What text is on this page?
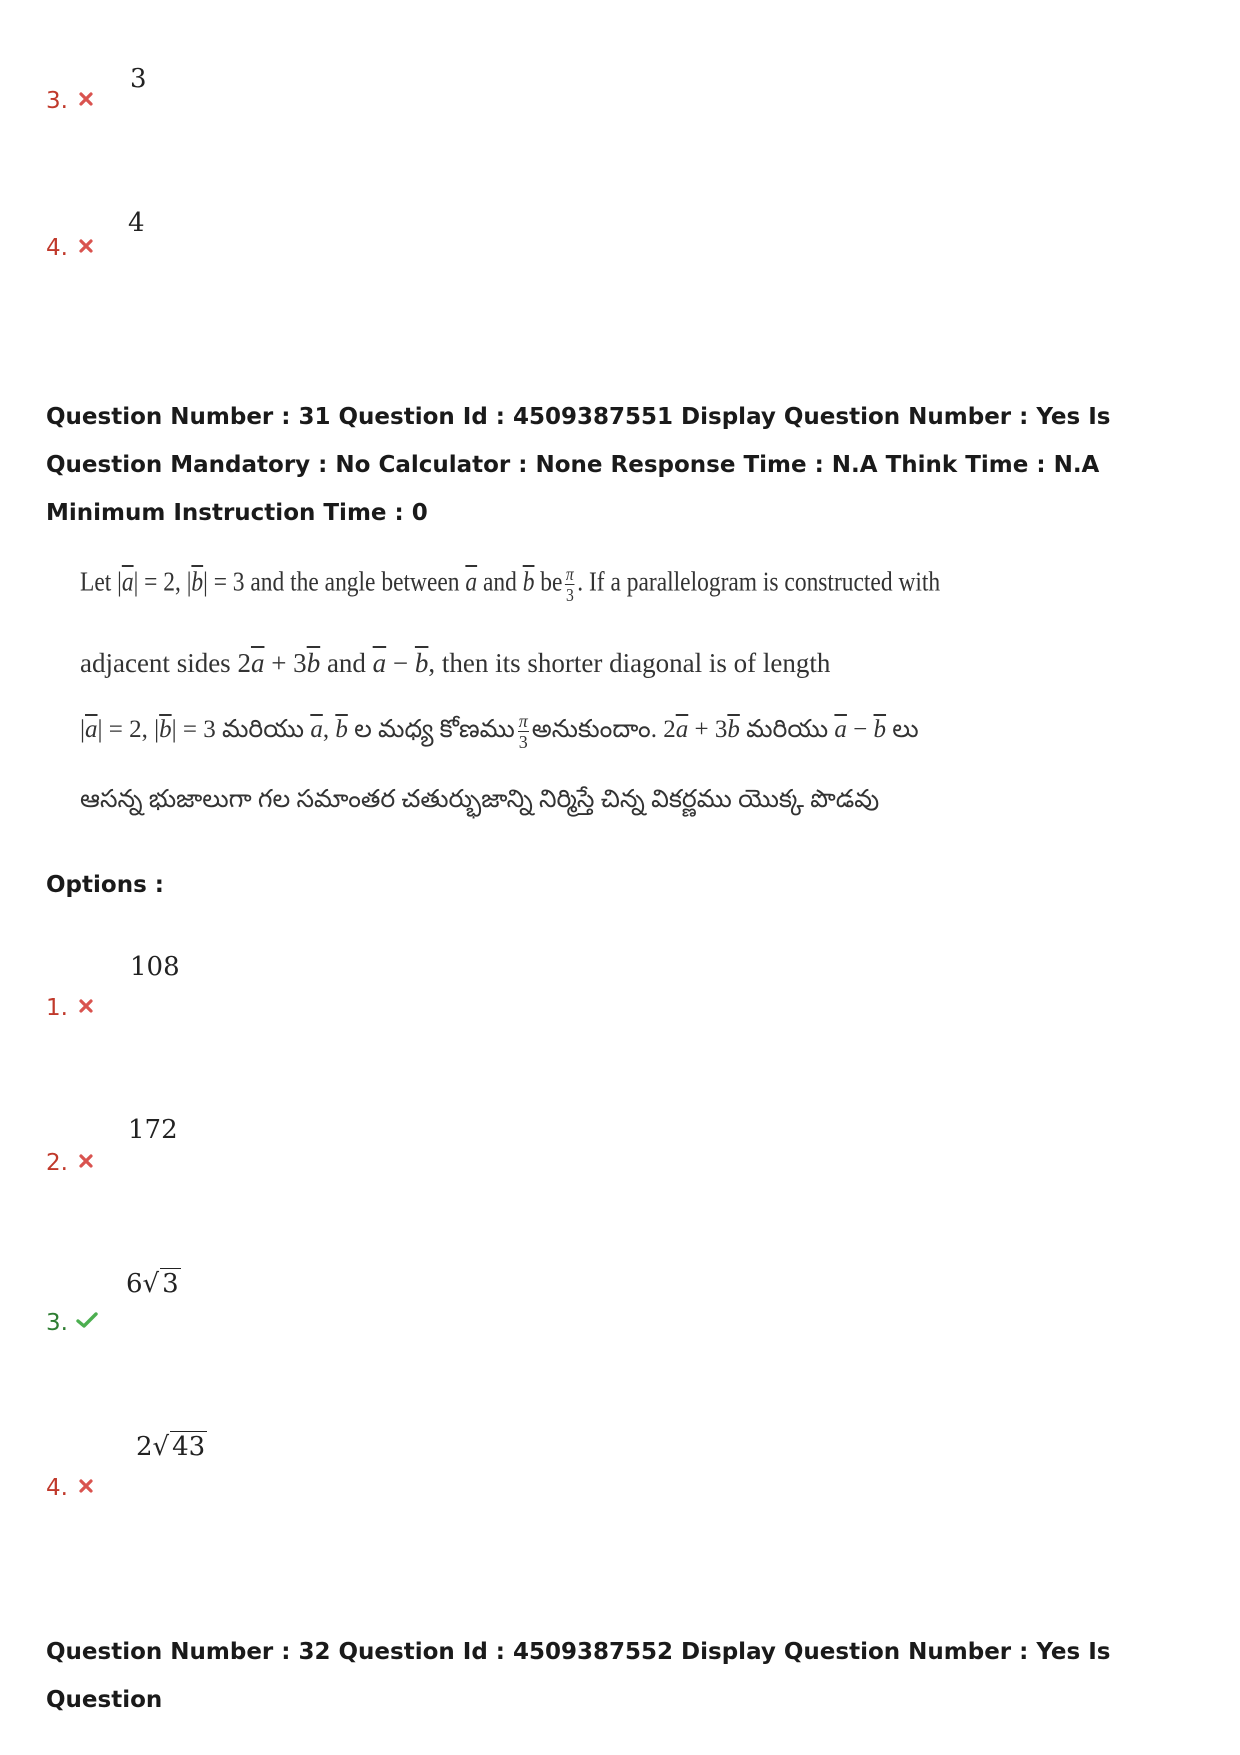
3.
3
4.
4

Question Number : 31 Question Id : 4509387551 Display Question Number : Yes Is Question Mandatory : No Calculator : None Response Time : N.A Think Time : N.A Minimum Instruction Time : 0

Let $|\overline{a}| = 2$, $|\overline{b}| = 3$ and the angle between $\overline{a}$ and $\overline{b}$ be $\frac{\pi}{3}$ . If a parallelogram is constructed with
adjacent sides $2\overline{a} + 3\overline{b}$ and $\overline{a} - \overline{b}$, then its shorter diagonal is of length
$|\overline{a}| = 2$, $|\overline{b}| = 3$ మరియు $\overline{a}$, $\overline{b}$ ల మధ్య కోణము $\frac{\pi}{3}$ అనుకుందాం. $2\overline{a} + 3\overline{b}$ మరియు $\overline{a} - \overline{b}$ లు
ఆసన్న భుజాలుగా గల సమాంతర చతుర్భుజాన్ని నిర్మిస్తే చిన్న వికర్ణము యొక్క పొడవు
Options :
1.
108
2.
172
3.
6√ 3
4.
2√ 43

Question Number : 32 Question Id : 4509387552 Display Question Number : Yes Is Question
